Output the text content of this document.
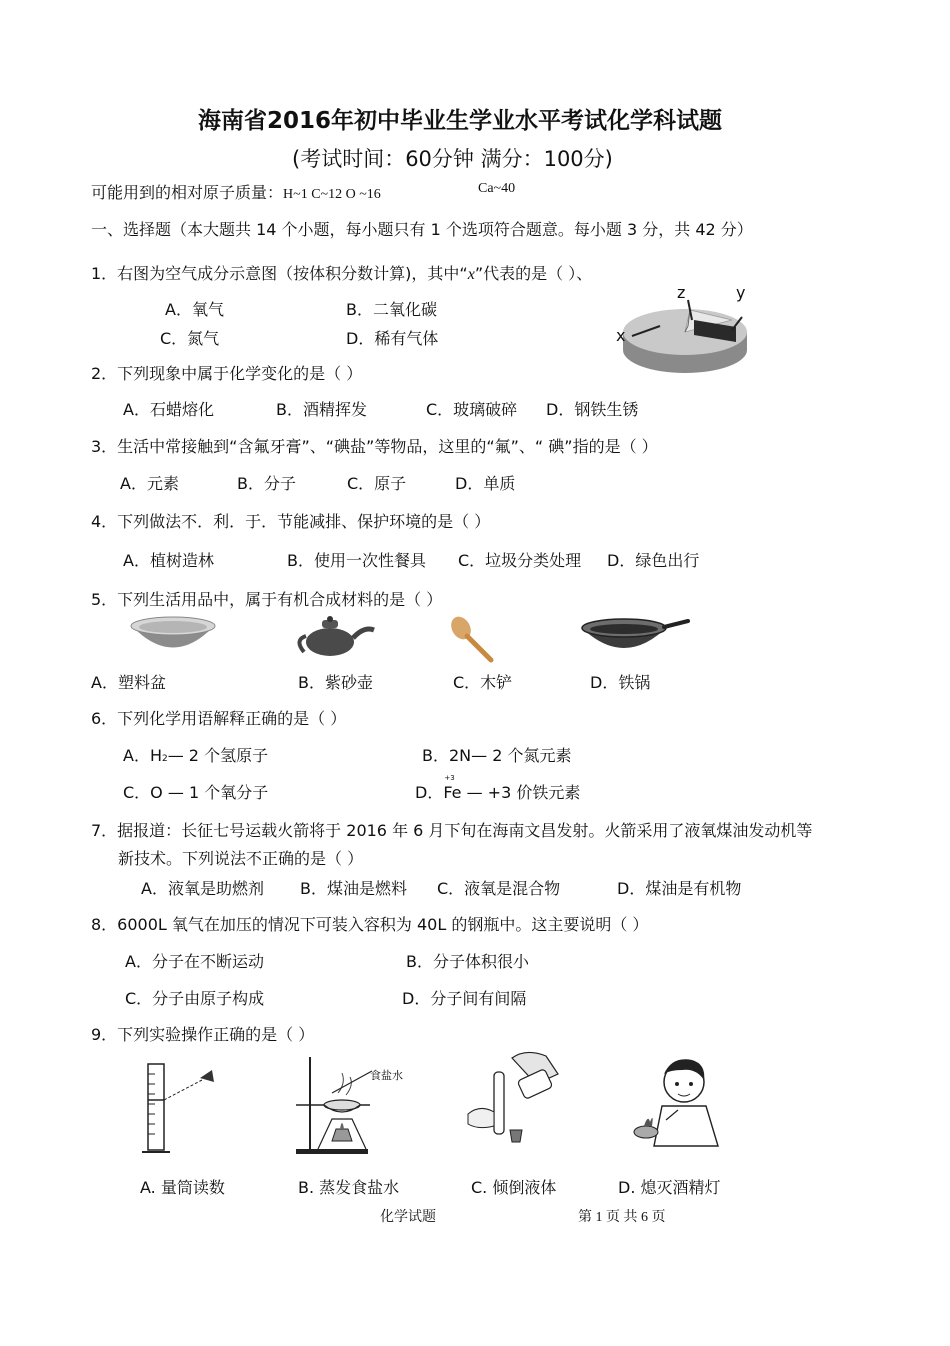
海南省2016年初中毕业生学业水平考试化学科试题
(考试时间：60分钟 满分：100分)
可能用到的相对原子质量：H~1 C~12 O ~16	Ca~40
一、选择题（本大题共 14 个小题，每小题只有 1 个选项符合题意。每小题 3 分，共 42 分）
1．右图为空气成分示意图（按体积分数计算)，其中“x”代表的是（ ）、
A．氧气	B．二氧化碳
C．氮气	D．稀有气体
z	y
x
2．下列现象中属于化学变化的是（ ）
A．石蜡熔化	B．酒精挥发	C．玻璃破碎 D．钢铁生锈
3．生活中常接触到“含氟牙膏”、“碘盐”等物品，这里的“氟”、“ 碘”指的是（ ）
A．元素	B．分子	C．原子	D．单质
4．下列做法不．利．于．节能减排、保护环境的是（ ）
A．植树造林	B．使用一次性餐具 C．垃圾分类处理 D．绿色出行
5．下列生活用品中，属于有机合成材料的是（ ）
A．塑料盆	B．紫砂壶	C．木铲	D．铁锅
6．下列化学用语解释正确的是（ ）
A．H2— 2 个氢原子	B．2N— 2 个氮元素
C．O — 1 个氧分子	D．
+3
Fe — +3 价铁元素
7．据报道：长征七号运载火箭将于 2016 年 6 月下旬在海南文昌发射。火箭采用了液氧煤油发动机等
新技术。下列说法不正确的是（ ）
A．液氧是助燃剂 B．煤油是燃料 C．液氧是混合物	D．煤油是有机物
8．6000L 氧气在加压的情况下可装入容积为 40L 的钢瓶中。这主要说明（ ）
A．分子在不断运动	B．分子体积很小
C．分子由原子构成	D．分子间有间隔
9．下列实验操作正确的是（ ）
食盐水
A. 量筒读数	B. 蒸发食盐水	C. 倾倒液体	D. 熄灭酒精灯
化学试题	第 1 页 共 6 页
